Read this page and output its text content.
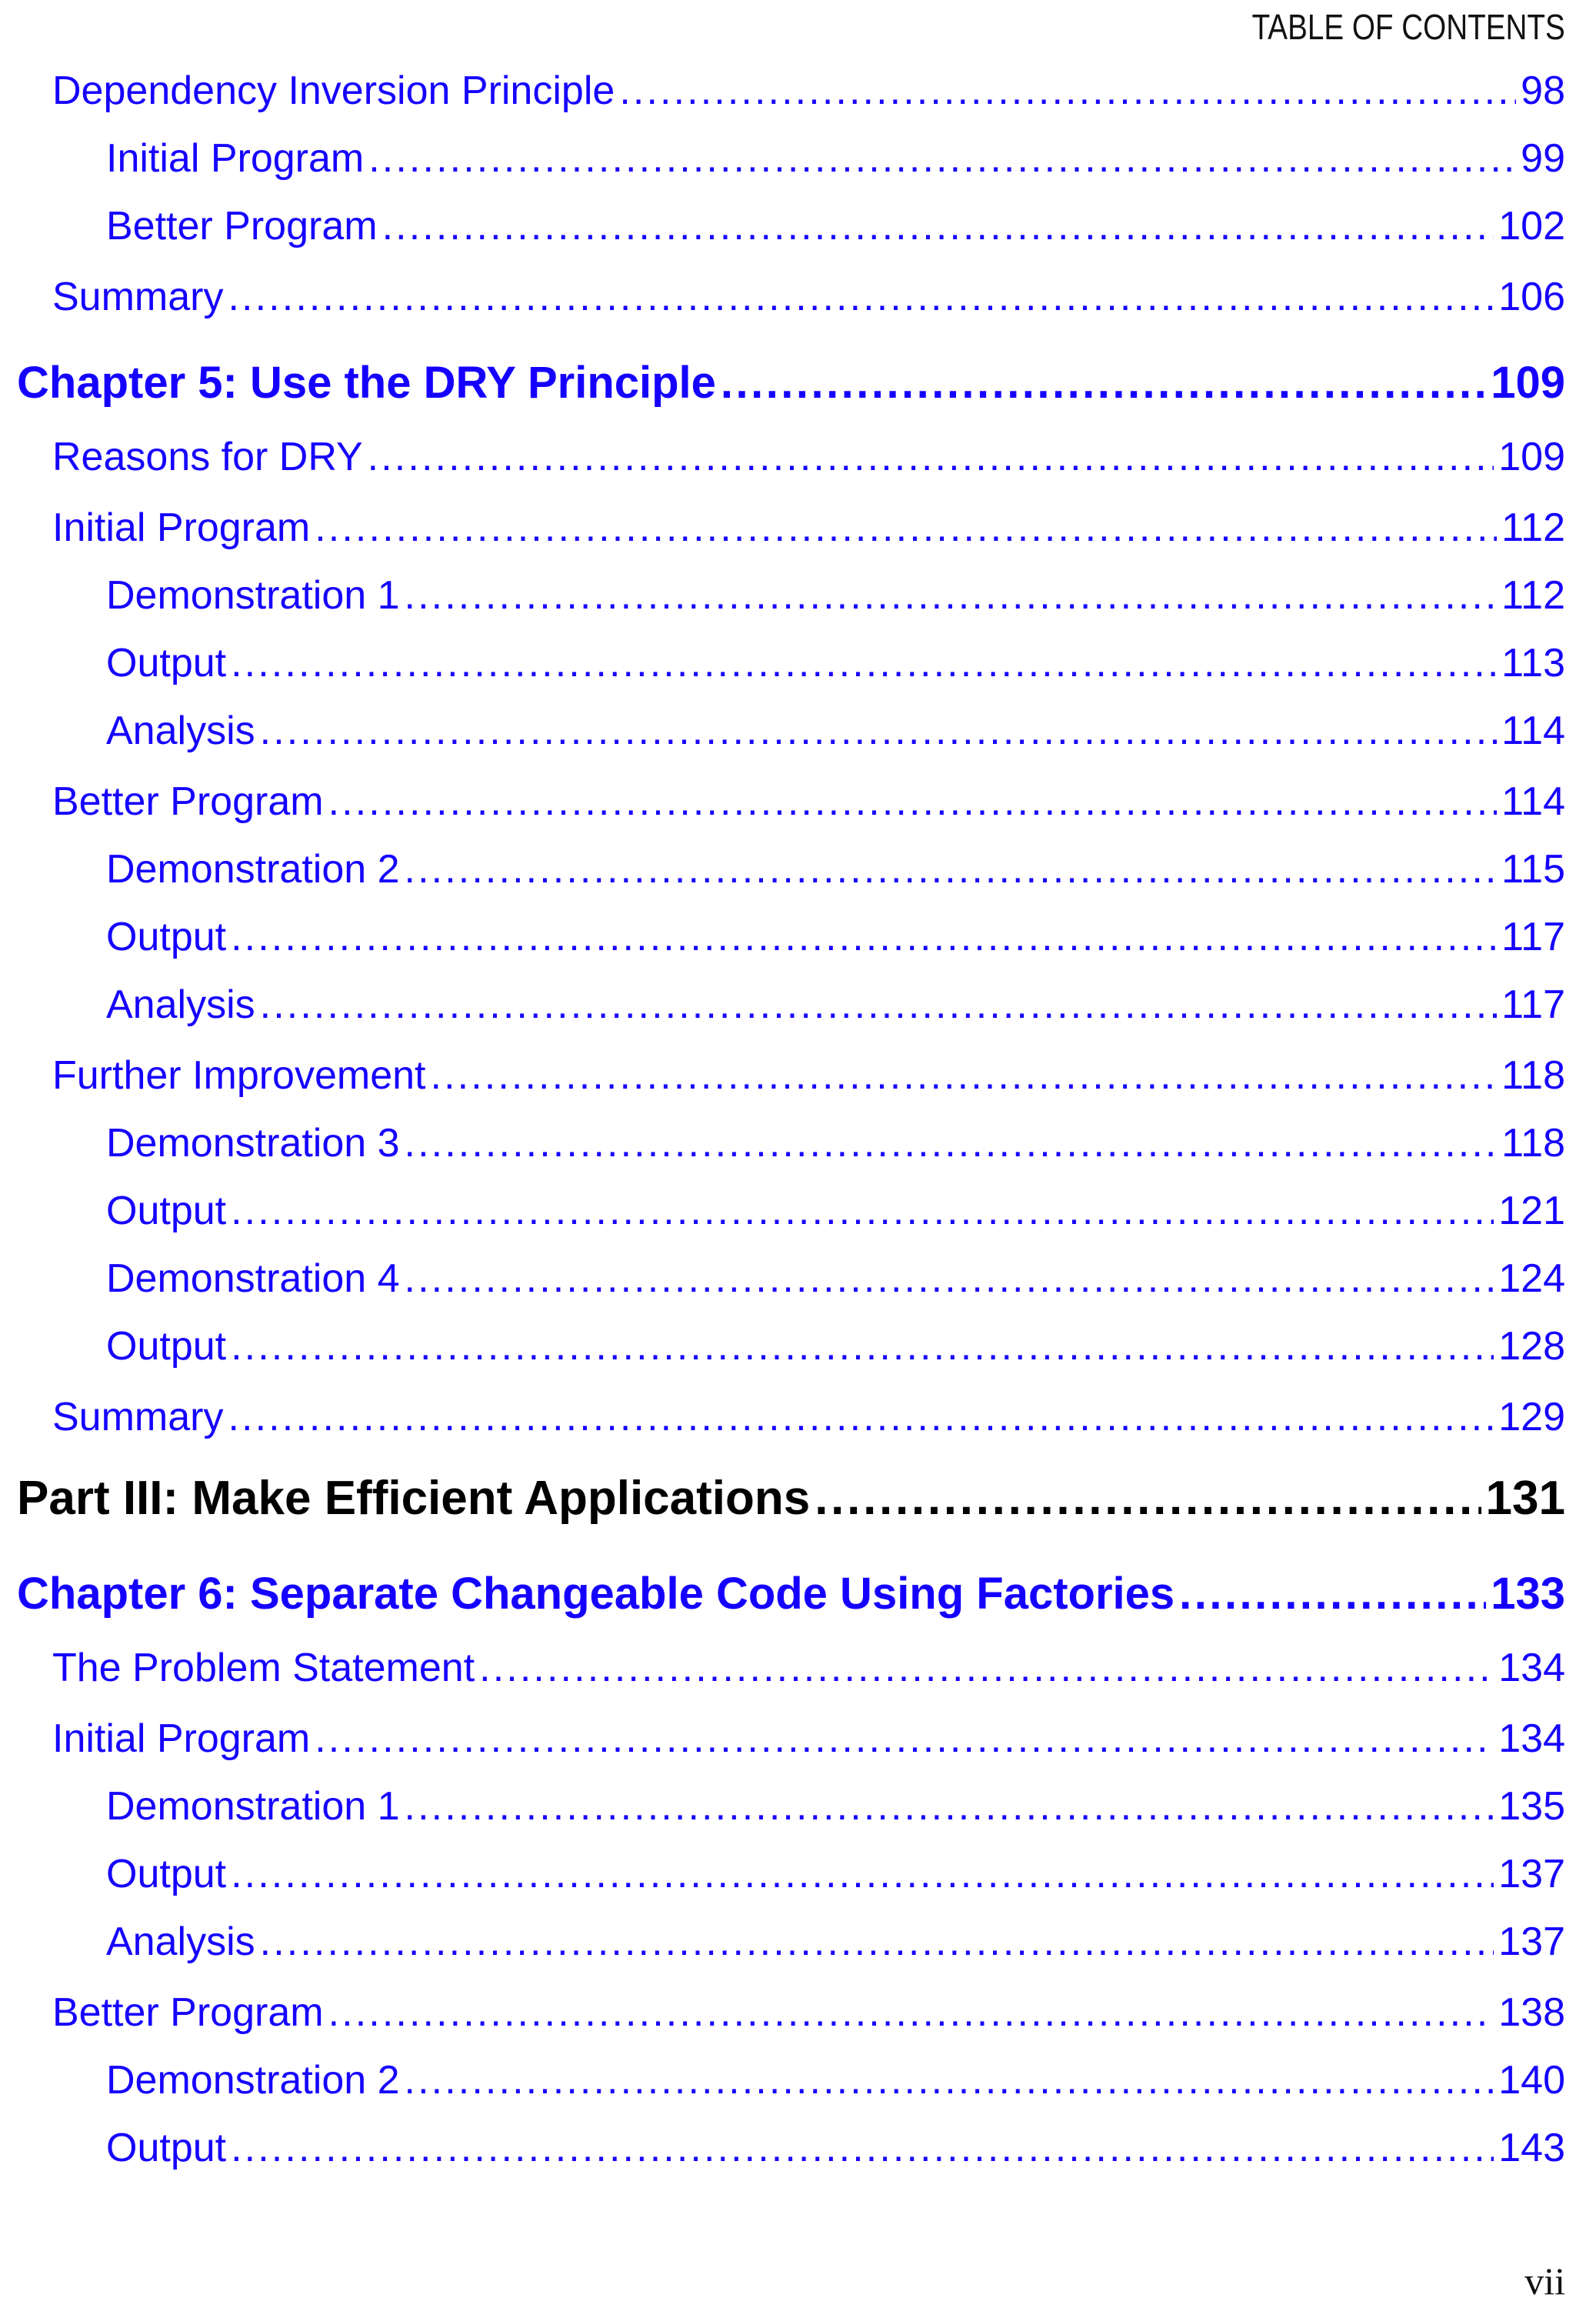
TABLE OF CONTENTS
Dependency Inversion Principle .....	98
Initial Program .....	99
Better Program .....	102
Summary .....	106
Chapter 5: Use the DRY Principle .....	109
Reasons for DRY .....	109
Initial Program .....	112
Demonstration 1 .....	112
Output .....	113
Analysis .....	114
Better Program .....	114
Demonstration 2 .....	115
Output .....	117
Analysis .....	117
Further Improvement .....	118
Demonstration 3 .....	118
Output .....	121
Demonstration 4 .....	124
Output .....	128
Summary .....	129
Part III: Make Efficient Applications .....	131
Chapter 6: Separate Changeable Code Using Factories .....	133
The Problem Statement .....	134
Initial Program .....	134
Demonstration 1 .....	135
Output .....	137
Analysis .....	137
Better Program .....	138
Demonstration 2 .....	140
Output .....	143
vii
